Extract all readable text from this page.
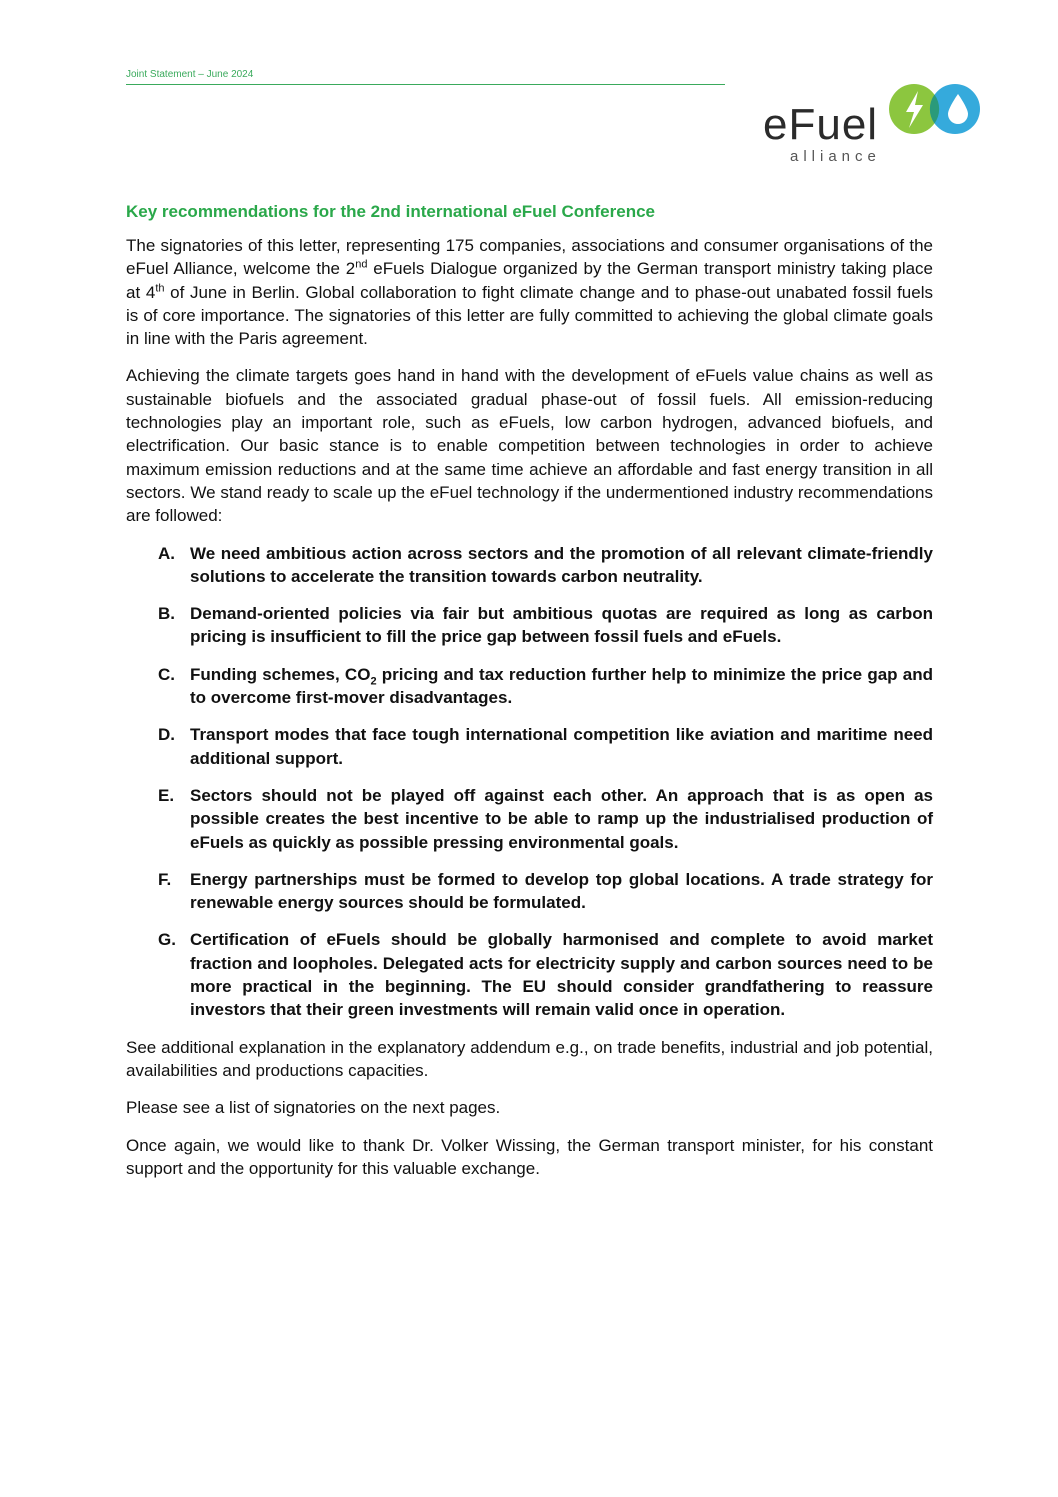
Joint Statement – June 2024
eFuel
alliance
Key recommendations for the 2nd international eFuel Conference

The signatories of this letter, representing 175 companies, associations and consumer organisations of the eFuel Alliance, welcome the 2nd eFuels Dialogue organized by the German transport ministry taking place at 4th of June in Berlin. Global collaboration to fight climate change and to phase-out unabated fossil fuels is of core importance. The signatories of this letter are fully committed to achieving the global climate goals in line with the Paris agreement.

Achieving the climate targets goes hand in hand with the development of eFuels value chains as well as sustainable biofuels and the associated gradual phase-out of fossil fuels. All emission-reducing technologies play an important role, such as eFuels, low carbon hydrogen, advanced biofuels, and electrification. Our basic stance is to enable competition between technologies in order to achieve maximum emission reductions and at the same time achieve an affordable and fast energy transition in all sectors. We stand ready to scale up the eFuel technology if the undermentioned industry recommendations are followed:

A. We need ambitious action across sectors and the promotion of all relevant climate-friendly solutions to accelerate the transition towards carbon neutrality.
B. Demand-oriented policies via fair but ambitious quotas are required as long as carbon pricing is insufficient to fill the price gap between fossil fuels and eFuels.
C. Funding schemes, $CO_2$ pricing and tax reduction further help to minimize the price gap and to overcome first-mover disadvantages.
D. Transport modes that face tough international competition like aviation and maritime need additional support.
E. Sectors should not be played off against each other. An approach that is as open as possible creates the best incentive to be able to ramp up the industrialised production of eFuels as quickly as possible pressing environmental goals.
F. Energy partnerships must be formed to develop top global locations. A trade strategy for renewable energy sources should be formulated.
G. Certification of eFuels should be globally harmonised and complete to avoid market fraction and loopholes. Delegated acts for electricity supply and carbon sources need to be more practical in the beginning. The EU should consider grandfathering to reassure investors that their green investments will remain valid once in operation.

See additional explanation in the explanatory addendum e.g., on trade benefits, industrial and job potential, availabilities and productions capacities.

Please see a list of signatories on the next pages.

Once again, we would like to thank Dr. Volker Wissing, the German transport minister, for his constant support and the opportunity for this valuable exchange.
